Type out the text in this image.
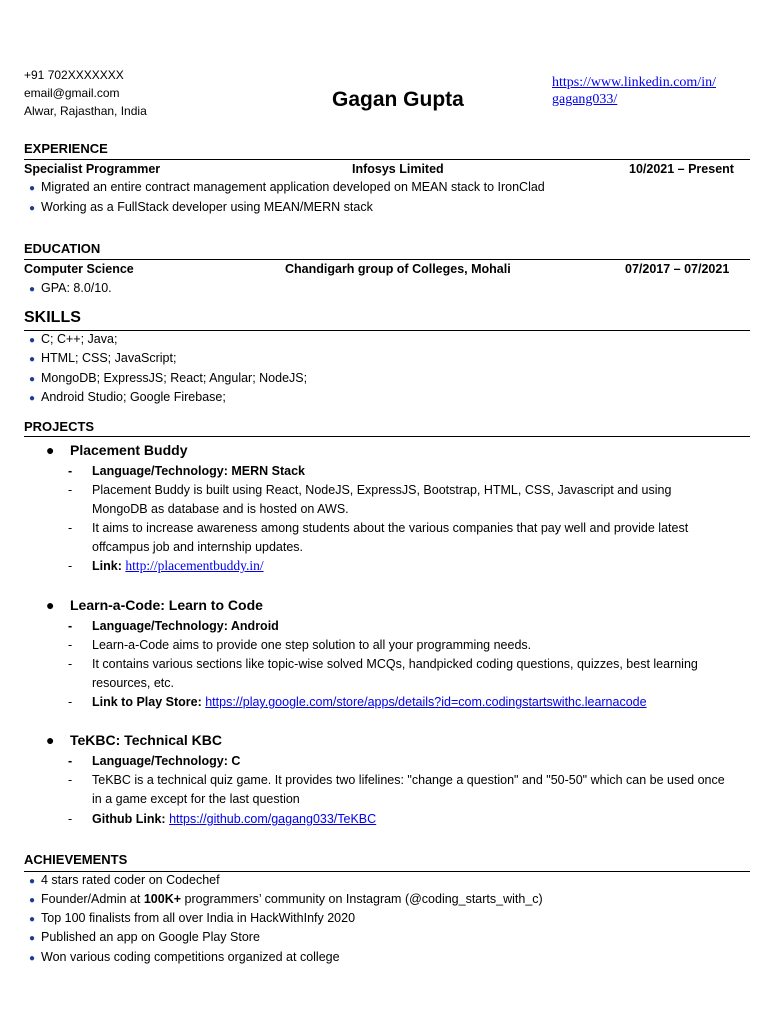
+91 702XXXXXXX
email@gmail.com
Alwar, Rajasthan, India	Gagan Gupta
https://www.linkedin.com/in/
gagang033/
EXPERIENCE
Specialist Programmer	Infosys Limited	10/2021 – Present
● Migrated an entire contract management application developed on MEAN stack to IronClad
● Working as a FullStack developer using MEAN/MERN stack
EDUCATION
Computer Science	Chandigarh group of Colleges, Mohali	07/2017 – 07/2021
● GPA: 8.0/10.
SKILLS
● C; C++; Java;
● HTML; CSS; JavaScript;
● MongoDB; ExpressJS; React; Angular; NodeJS;
● Android Studio; Google Firebase;
PROJECTS
● Placement Buddy
- Language/Technology: MERN Stack
- Placement Buddy is built using React, NodeJS, ExpressJS, Bootstrap, HTML, CSS, Javascript and using MongoDB as database and is hosted on AWS.
- It aims to increase awareness among students about the various companies that pay well and provide latest offcampus job and internship updates.
- Link: http://placementbuddy.in/
● Learn-a-Code: Learn to Code
- Language/Technology: Android
- Learn-a-Code aims to provide one step solution to all your programming needs.
- It contains various sections like topic-wise solved MCQs, handpicked coding questions, quizzes, best learning resources, etc.
- Link to Play Store: https://play.google.com/store/apps/details?id=com.codingstartswithc.learnacode
● TeKBC: Technical KBC
- Language/Technology: C
- TeKBC is a technical quiz game. It provides two lifelines: "change a question" and "50-50" which can be used once in a game except for the last question
- Github Link: https://github.com/gagang033/TeKBC
ACHIEVEMENTS
● 4 stars rated coder on Codechef
● Founder/Admin at 100K+ programmers’ community on Instagram (@coding_starts_with_c)
● Top 100 finalists from all over India in HackWithInfy 2020
● Published an app on Google Play Store
● Won various coding competitions organized at college
